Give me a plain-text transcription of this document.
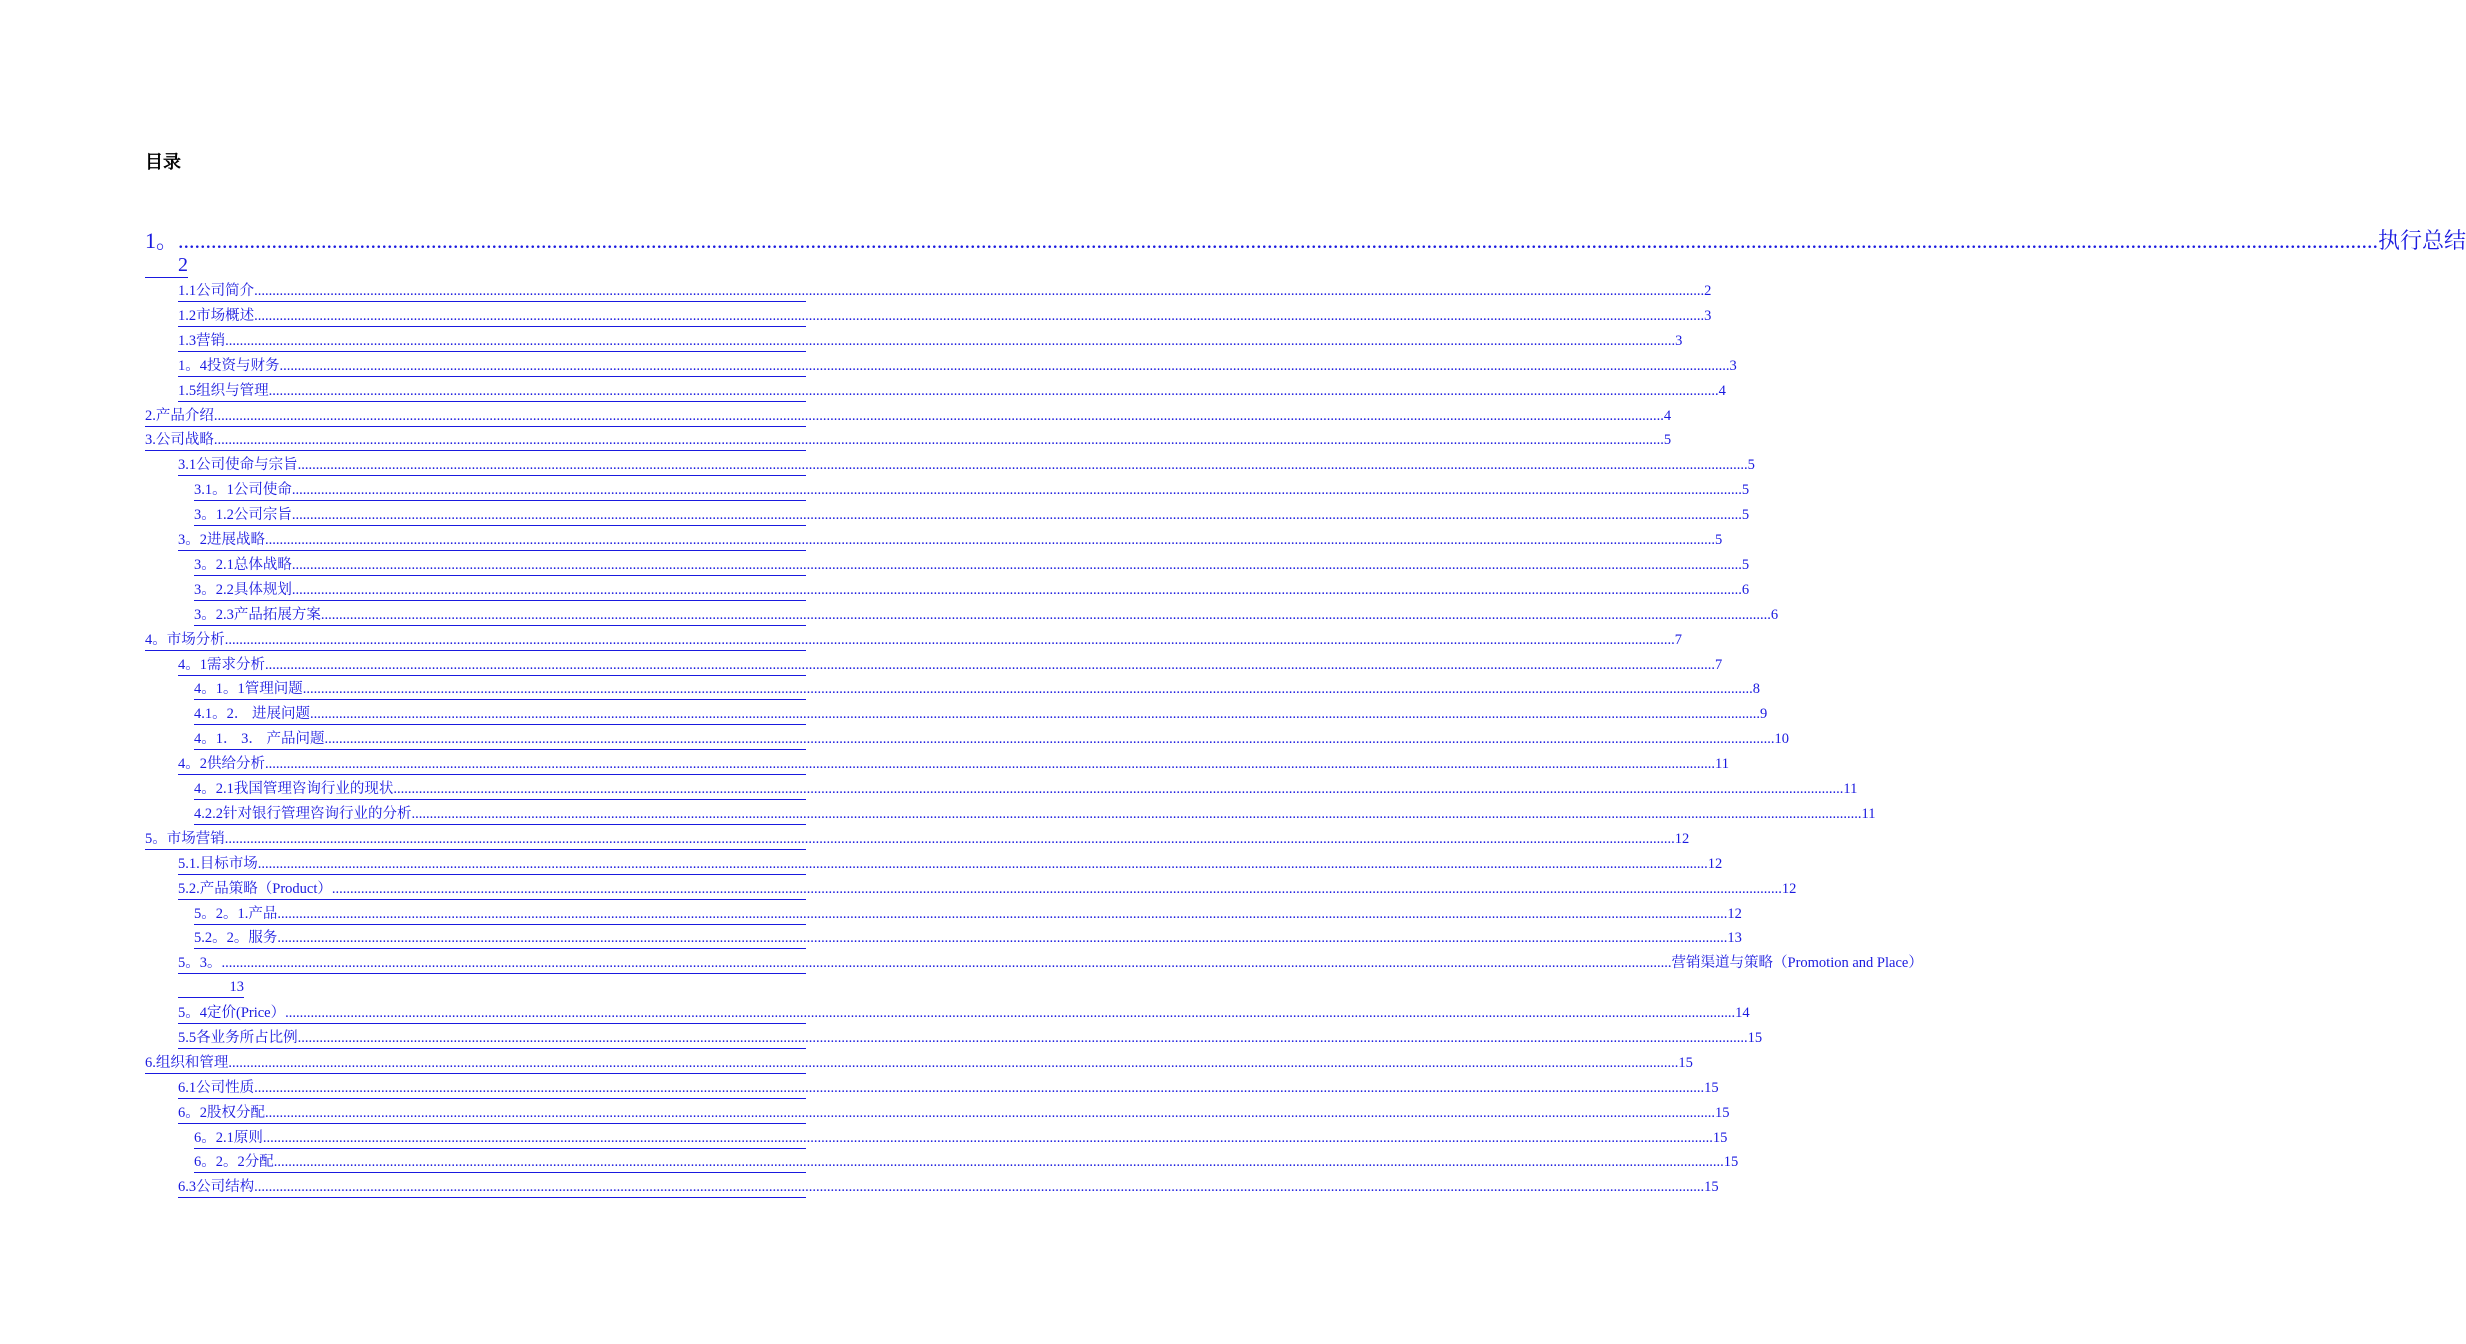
目录
1。 ................................................................................................................................................................................................................................................................................................................................................................................................................ 执行总结
1.1公司简介 ................................................................................................................................................................................................................................................................................................................................................................................................................ 2
1.2市场概述 ................................................................................................................................................................................................................................................................................................................................................................................................................ 3
1.3营销 ................................................................................................................................................................................................................................................................................................................................................................................................................ 3
1。4投资与财务 ................................................................................................................................................................................................................................................................................................................................................................................................................ 3
1.5组织与管理 ................................................................................................................................................................................................................................................................................................................................................................................................................ 4
2.产品介绍 ................................................................................................................................................................................................................................................................................................................................................................................................................ 4
3.公司战略 ................................................................................................................................................................................................................................................................................................................................................................................................................ 5
3.1公司使命与宗旨 ................................................................................................................................................................................................................................................................................................................................................................................................................ 5
3.1。1公司使命 ................................................................................................................................................................................................................................................................................................................................................................................................................ 5
3。1.2公司宗旨 ................................................................................................................................................................................................................................................................................................................................................................................................................ 5
3。2进展战略 ................................................................................................................................................................................................................................................................................................................................................................................................................ 5
3。2.1总体战略 ................................................................................................................................................................................................................................................................................................................................................................................................................ 5
3。2.2具体规划 ................................................................................................................................................................................................................................................................................................................................................................................................................ 6
3。2.3产品拓展方案 ................................................................................................................................................................................................................................................................................................................................................................................................................ 6
4。市场分析 ................................................................................................................................................................................................................................................................................................................................................................................................................ 7
4。1需求分析 ................................................................................................................................................................................................................................................................................................................................................................................................................ 7
4。1。1管理问题 ................................................................................................................................................................................................................................................................................................................................................................................................................ 8
4.1。2． 进展问题 ................................................................................................................................................................................................................................................................................................................................................................................................................ 9
4。1． 3． 产品问题 ................................................................................................................................................................................................................................................................................................................................................................................................................ 10
4。2供给分析 ................................................................................................................................................................................................................................................................................................................................................................................................................ 11
4。2.1我国管理咨询行业的现状 ................................................................................................................................................................................................................................................................................................................................................................................................................ 11
4.2.2针对银行管理咨询行业的分析 ................................................................................................................................................................................................................................................................................................................................................................................................................ 11
5。市场营销 ................................................................................................................................................................................................................................................................................................................................................................................................................ 12
5.1.目标市场 ................................................................................................................................................................................................................................................................................................................................................................................................................ 12
5.2.产品策略（Product） ................................................................................................................................................................................................................................................................................................................................................................................................................ 12
5。2。1.产品 ................................................................................................................................................................................................................................................................................................................................................................................................................ 12
5.2。2。服务 ................................................................................................................................................................................................................................................................................................................................................................................................................ 13
5。3。 ................................................................................................................................................................................................................................................................................................................................................................................................................ 营销渠道与策略（Promotion and Place）
5。4定价(Price） ................................................................................................................................................................................................................................................................................................................................................................................................................ 14
5.5各业务所占比例 ................................................................................................................................................................................................................................................................................................................................................................................................................ 15
6.组织和管理 ................................................................................................................................................................................................................................................................................................................................................................................................................ 15
6.1公司性质 ................................................................................................................................................................................................................................................................................................................................................................................................................ 15
6。2股权分配 ................................................................................................................................................................................................................................................................................................................................................................................................................ 15
6。2.1原则 ................................................................................................................................................................................................................................................................................................................................................................................................................ 15
6。2。2分配 ................................................................................................................................................................................................................................................................................................................................................................................................................ 15
6.3公司结构 ................................................................................................................................................................................................................................................................................................................................................................................................................ 15
2
13
